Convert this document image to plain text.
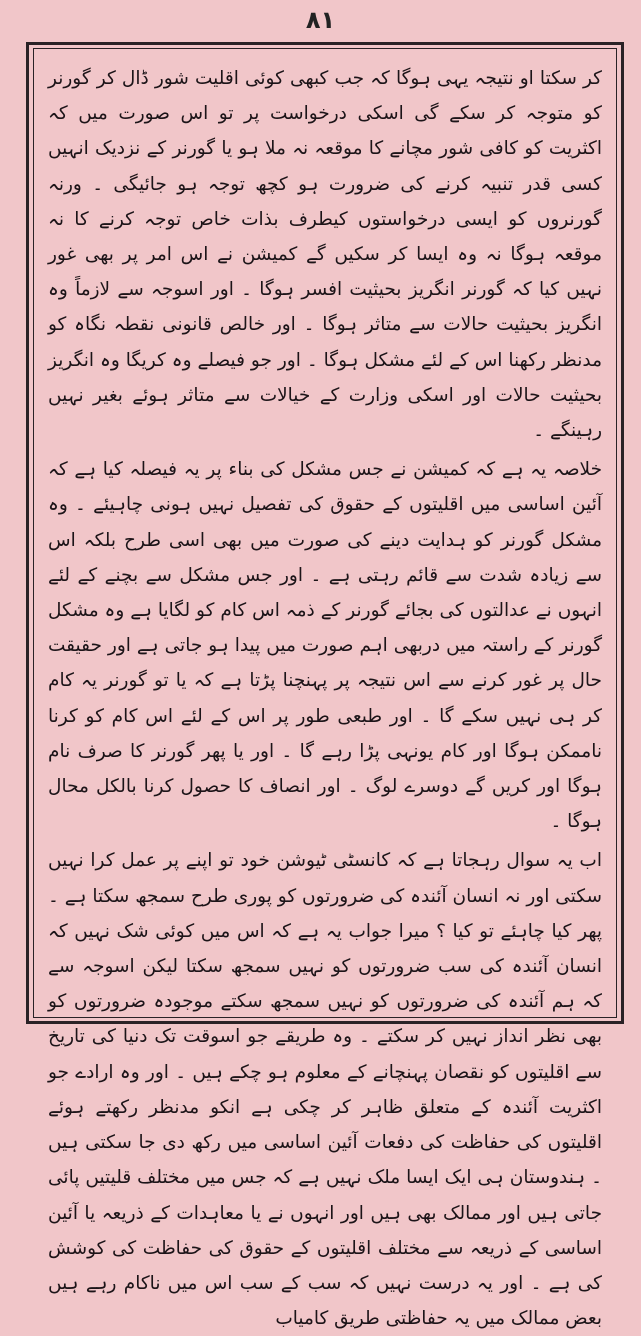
۸۱

کر سکتا او نتیجہ یہی ہوگا کہ جب کبھی کوئی اقلیت شور ڈال کر گورنر کو متوجہ کر سکے گی اسکی درخواست پر تو اس صورت میں کہ اکثریت کو کافی شور مچانے کا موقعہ نہ ملا ہو یا گورنر کے نزدیک انہیں کسی قدر تنبیہ کرنے کی ضرورت ہو کچھ توجہ ہو جائیگی ۔ ورنہ گورنروں کو ایسی درخواستوں کیطرف بذات خاص توجہ کرنے کا نہ موقعہ ہوگا نہ وہ ایسا کر سکیں گے کمیشن نے اس امر پر بھی غور نہیں کیا کہ گورنر انگریز بحیثیت افسر ہوگا ۔ اور اسوجہ سے لازماً وہ انگریز بحیثیت حالات سے متاثر ہوگا ۔ اور خالص قانونی نقطہ نگاہ کو مدنظر رکھنا اس کے لئے مشکل ہوگا ۔ اور جو فیصلے وہ کریگا وہ انگریز بحیثیت حالات اور اسکی وزارت کے خیالات سے متاثر ہوئے بغیر نہیں رہینگے ۔

خلاصہ یہ ہے کہ کمیشن نے جس مشکل کی بناء پر یہ فیصلہ کیا ہے کہ آئین اساسی میں اقلیتوں کے حقوق کی تفصیل نہیں ہونی چاہیئے ۔ وہ مشکل گورنر کو ہدایت دینے کی صورت میں بھی اسی طرح بلکہ اس سے زیادہ شدت سے قائم رہتی ہے ۔ اور جس مشکل سے بچنے کے لئے انہوں نے عدالتوں کی بجائے گورنر کے ذمہ اس کام کو لگایا ہے وہ مشکل گورنر کے راستہ میں دربھی اہم صورت میں پیدا ہو جاتی ہے اور حقیقت حال پر غور کرنے سے اس نتیجہ پر پہنچنا پڑتا ہے کہ یا تو گورنر یہ کام کر ہی نہیں سکے گا ۔ اور طبعی طور پر اس کے لئے اس کام کو کرنا ناممکن ہوگا اور کام یونہی پڑا رہے گا ۔ اور یا پھر گورنر کا صرف نام ہوگا اور کریں گے دوسرے لوگ ۔ اور انصاف کا حصول کرنا بالکل محال ہوگا ۔

اب یہ سوال رہجاتا ہے کہ کانسٹی ٹیوشن خود تو اپنے پر عمل کرا نہیں سکتی اور نہ انسان آئندہ کی ضرورتوں کو پوری طرح سمجھ سکتا ہے ۔ پھر کیا چاہئے تو کیا ؟ میرا جواب یہ ہے کہ اس میں کوئی شک نہیں کہ انسان آئندہ کی سب ضرورتوں کو نہیں سمجھ سکتا لیکن اسوجہ سے کہ ہم آئندہ کی ضرورتوں کو نہیں سمجھ سکتے موجودہ ضرورتوں کو بھی نظر انداز نہیں کر سکتے ۔ وہ طریقے جو اسوقت تک دنیا کی تاریخ سے اقلیتوں کو نقصان پہنچانے کے معلوم ہو چکے ہیں ۔ اور وہ ارادے جو اکثریت آئندہ کے متعلق ظاہر کر چکی ہے انکو مدنظر رکھتے ہوئے اقلیتوں کی حفاظت کی دفعات آئین اساسی میں رکھ دی جا سکتی ہیں ۔ ہندوستان ہی ایک ایسا ملک نہیں ہے کہ جس میں مختلف قلیتیں پائی جاتی ہیں اور ممالک بھی ہیں اور انہوں نے یا معاہدات کے ذریعہ یا آئین اساسی کے ذریعہ سے مختلف اقلیتوں کے حقوق کی حفاظت کی کوشش کی ہے ۔ اور یہ درست نہیں کہ سب کے سب اس میں ناکام رہے ہیں بعض ممالک میں یہ حفاظتی طریق کامیاب
